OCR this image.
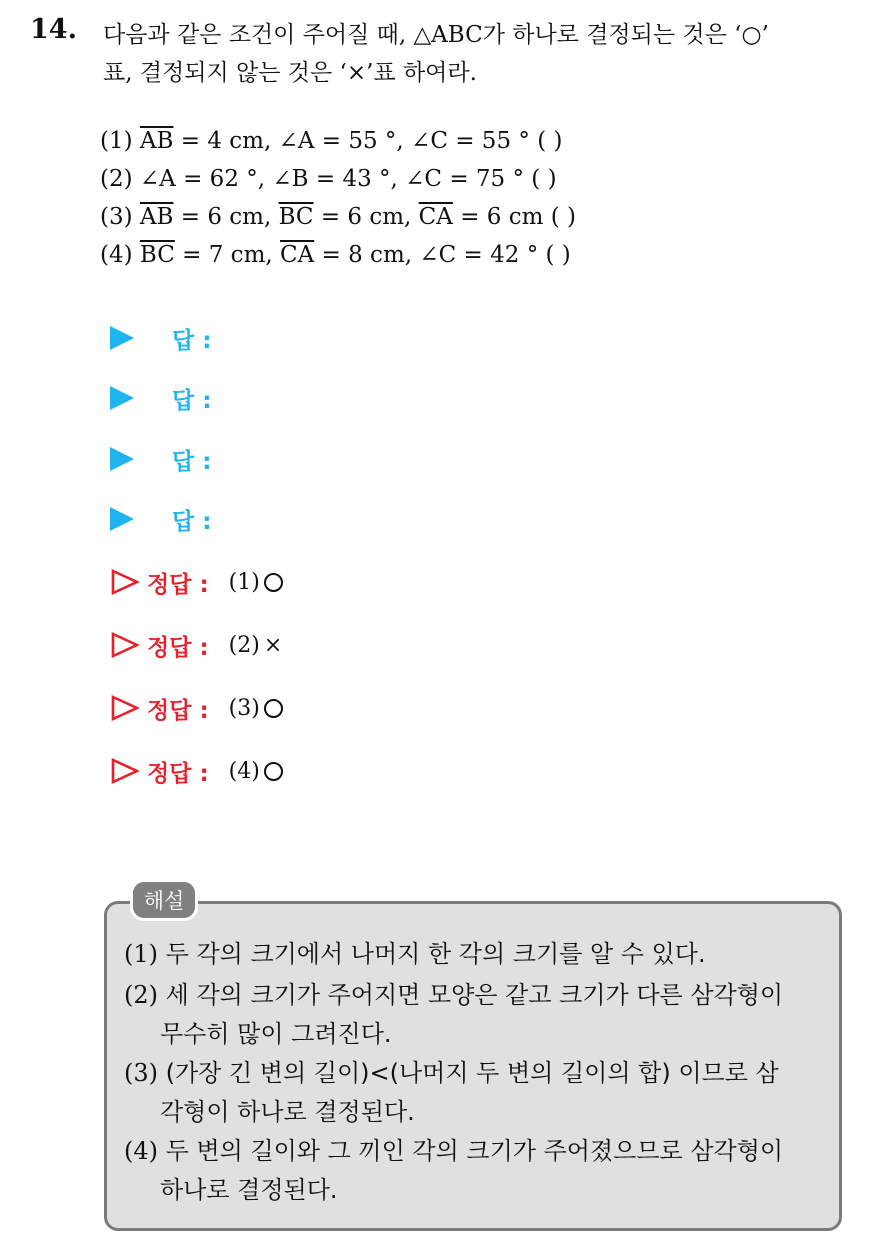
14. 다음과 같은 조건이 주어질 때, △ABC가 하나로 결정되는 것은 ‘○’
표, 결정되지 않는 것은 ‘×’표 하여라.
(1) $\overline{AB} = 4$ cm, ∠A = 55 °, ∠C = 55 ° ( )
(2) ∠A = 62 °, ∠B = 43 °, ∠C = 75 ° ( )
(3) $\overline{AB} = 6$ cm, $\overline{BC} = 6$ cm, $\overline{CA} = 6$ cm ( )
(4) $\overline{BC} = 7$ cm, $\overline{CA} = 8$ cm, ∠C = 42 ° ( )
답 :
답 :
답 :
답 :
정답 : (1)
정답 : (2) ×
정답 : (3)
정답 : (4)
해설
(1) 두 각의 크기에서 나머지 한 각의 크기를 알 수 있다.
(2) 세 각의 크기가 주어지면 모양은 같고 크기가 다른 삼각형이
무수히 많이 그려진다.
(3) (가장 긴 변의 길이)<(나머지 두 변의 길이의 합) 이므로 삼
각형이 하나로 결정된다.
(4) 두 변의 길이와 그 끼인 각의 크기가 주어졌으므로 삼각형이
하나로 결정된다.
